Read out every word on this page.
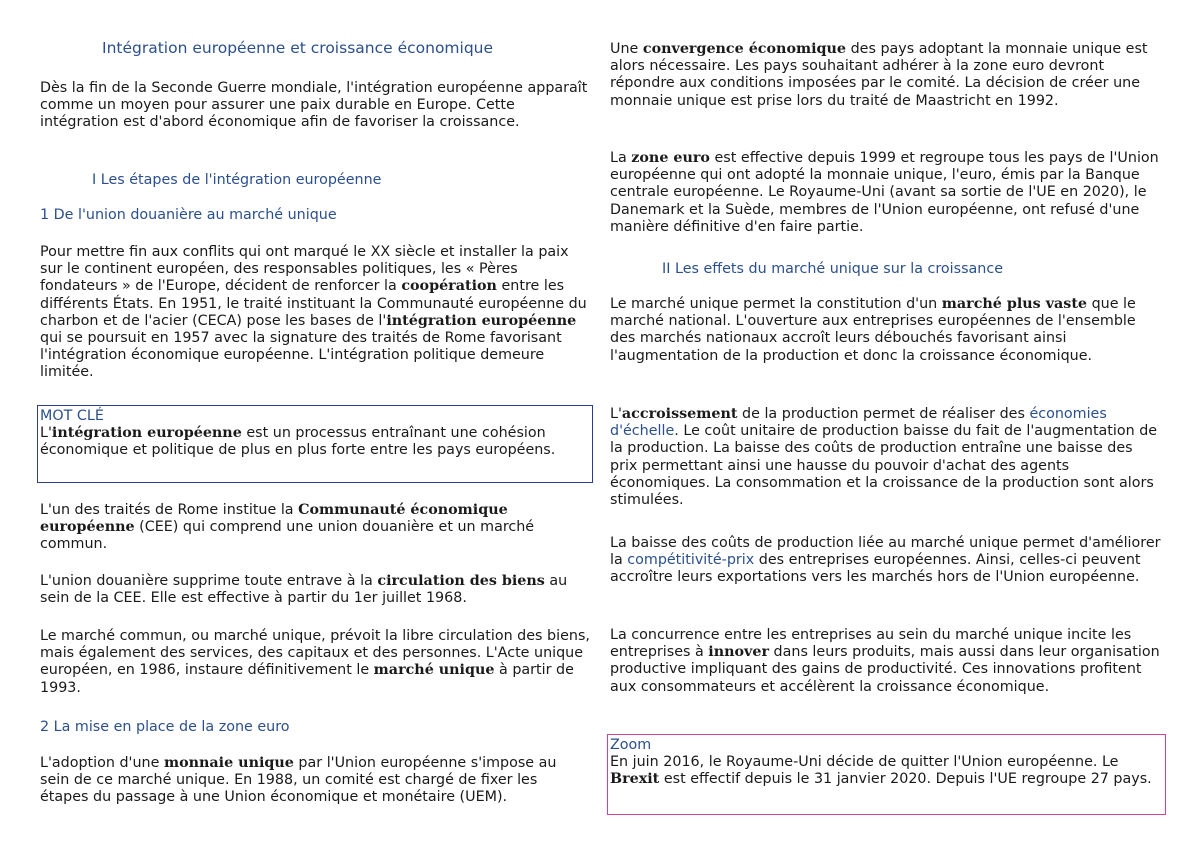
Intégration européenne et croissance économique

Dès la fin de la Seconde Guerre mondiale, l'intégration européenne apparaît comme un moyen pour assurer une paix durable en Europe. Cette intégration est d'abord économique afin de favoriser la croissance.

I Les étapes de l'intégration européenne

1 De l'union douanière au marché unique

Pour mettre fin aux conflits qui ont marqué le XX siècle et installer la paix sur le continent européen, des responsables politiques, les « Pères fondateurs » de l'Europe, décident de renforcer la coopération entre les différents États. En 1951, le traité instituant la Communauté européenne du charbon et de l'acier (CECA) pose les bases de l'intégration européenne qui se poursuit en 1957 avec la signature des traités de Rome favorisant l'intégration économique européenne. L'intégration politique demeure limitée.

MOT CLÉ

L'intégration européenne est un processus entraînant une cohésion économique et politique de plus en plus forte entre les pays européens.

L'un des traités de Rome institue la Communauté économique européenne (CEE) qui comprend une union douanière et un marché commun.

L'union douanière supprime toute entrave à la circulation des biens au sein de la CEE. Elle est effective à partir du 1er juillet 1968.

Le marché commun, ou marché unique, prévoit la libre circulation des biens, mais également des services, des capitaux et des personnes. L'Acte unique européen, en 1986, instaure définitivement le marché unique à partir de 1993.

2 La mise en place de la zone euro

L'adoption d'une monnaie unique par l'Union européenne s'impose au sein de ce marché unique. En 1988, un comité est chargé de fixer les étapes du passage à une Union économique et monétaire (UEM).

Une convergence économique des pays adoptant la monnaie unique est alors nécessaire. Les pays souhaitant adhérer à la zone euro devront répondre aux conditions imposées par le comité. La décision de créer une monnaie unique est prise lors du traité de Maastricht en 1992.

La zone euro est effective depuis 1999 et regroupe tous les pays de l'Union européenne qui ont adopté la monnaie unique, l'euro, émis par la Banque centrale européenne. Le Royaume-Uni (avant sa sortie de l'UE en 2020), le Danemark et la Suède, membres de l'Union européenne, ont refusé d'une manière définitive d'en faire partie.

II Les effets du marché unique sur la croissance

Le marché unique permet la constitution d'un marché plus vaste que le marché national. L'ouverture aux entreprises européennes de l'ensemble des marchés nationaux accroît leurs débouchés favorisant ainsi l'augmentation de la production et donc la croissance économique.

L'accroissement de la production permet de réaliser des économies d'échelle. Le coût unitaire de production baisse du fait de l'augmentation de la production. La baisse des coûts de production entraîne une baisse des prix permettant ainsi une hausse du pouvoir d'achat des agents économiques. La consommation et la croissance de la production sont alors stimulées.

La baisse des coûts de production liée au marché unique permet d'améliorer la compétitivité-prix des entreprises européennes. Ainsi, celles-ci peuvent accroître leurs exportations vers les marchés hors de l'Union européenne.

La concurrence entre les entreprises au sein du marché unique incite les entreprises à innover dans leurs produits, mais aussi dans leur organisation productive impliquant des gains de productivité. Ces innovations profitent aux consommateurs et accélèrent la croissance économique.

Zoom

En juin 2016, le Royaume-Uni décide de quitter l'Union européenne. Le Brexit est effectif depuis le 31 janvier 2020. Depuis l'UE regroupe 27 pays.
